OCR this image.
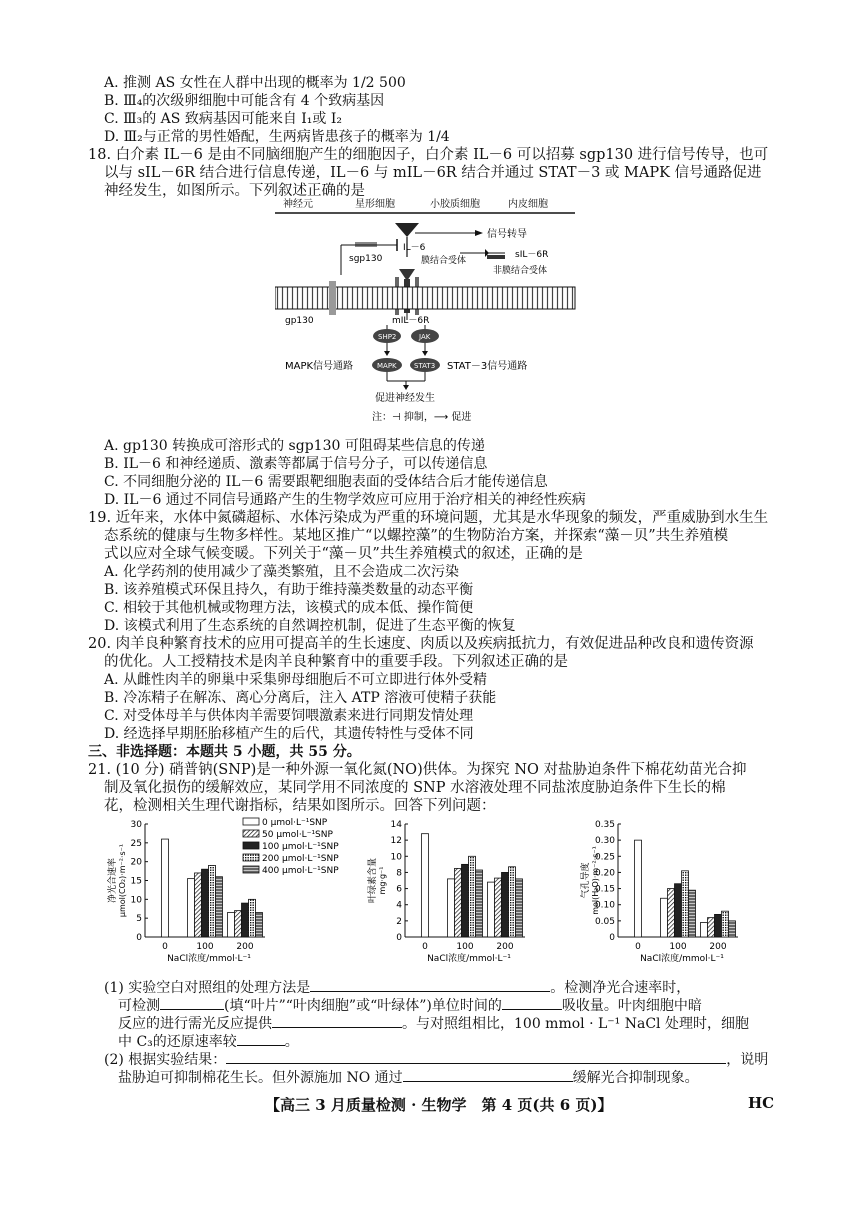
A. 推测 AS 女性在人群中出现的概率为 1/2 500
B. Ⅲ₄的次级卵细胞中可能含有 4 个致病基因
C. Ⅲ₃的 AS 致病基因可能来自 Ⅰ₁或 Ⅰ₂
D. Ⅲ₂与正常的男性婚配，生两病皆患孩子的概率为 1/4
18. 白介素 IL－6 是由不同脑细胞产生的细胞因子，白介素 IL－6 可以招募 sgp130 进行信号传导，也可
以与 sIL－6R 结合进行信息传递，IL－6 与 mIL－6R 结合并通过 STAT－3 或 MAPK 信号通路促进
神经发生，如图所示。下列叙述正确的是
神经元	星形细胞	小胶质细胞	内皮细胞
信号转导
IL－6
sgp130	sIL－6R
膜结合受体
非膜结合受体
gp130	mIL－6R
SHP2	JAK
MAPK STAT3
MAPK信号通路	STAT－3信号通路
促进神经发生
注：⊣ 抑制，⟶ 促进
A. gp130 转换成可溶形式的 sgp130 可阻碍某些信息的传递
B. IL－6 和神经递质、激素等都属于信号分子，可以传递信息
C. 不同细胞分泌的 IL－6 需要跟靶细胞表面的受体结合后才能传递信息
D. IL－6 通过不同信号通路产生的生物学效应可应用于治疗相关的神经性疾病
19. 近年来，水体中氮磷超标、水体污染成为严重的环境问题，尤其是水华现象的频发，严重威胁到水生生
态系统的健康与生物多样性。某地区推广“以螺控藻”的生物防治方案，并探索“藻－贝”共生养殖模
式以应对全球气候变暖。下列关于“藻－贝”共生养殖模式的叙述，正确的是
A. 化学药剂的使用减少了藻类繁殖，且不会造成二次污染
B. 该养殖模式环保且持久，有助于维持藻类数量的动态平衡
C. 相较于其他机械或物理方法，该模式的成本低、操作简便
D. 该模式利用了生态系统的自然调控机制，促进了生态平衡的恢复
20. 肉羊良种繁育技术的应用可提高羊的生长速度、肉质以及疾病抵抗力，有效促进品种改良和遗传资源
的优化。人工授精技术是肉羊良种繁育中的重要手段。下列叙述正确的是
A. 从雌性肉羊的卵巢中采集卵母细胞后不可立即进行体外受精
B. 冷冻精子在解冻、离心分离后，注入 ATP 溶液可使精子获能
C. 对受体母羊与供体肉羊需要饲喂激素来进行同期发情处理
D. 经选择早期胚胎移植产生的后代，其遗传特性与受体不同
三、非选择题：本题共 5 小题，共 55 分。
21. (10 分) 硝普钠(SNP)是一种外源一氧化氮(NO)供体。为探究 NO 对盐胁迫条件下棉花幼苗光合抑
制及氧化损伤的缓解效应，某同学用不同浓度的 SNP 水溶液处理不同盐浓度胁迫条件下生长的棉
花，检测相关生理代谢指标，结果如图所示。回答下列问题：
0
5
10
15
20
25
30
0	100	200
NaCl浓度/mmol·L⁻¹
净光合速率 μmol(CO₂)·m⁻²·s⁻¹
0 μmol·L⁻¹SNP
50 μmol·L⁻¹SNP
100 μmol·L⁻¹SNP
200 μmol·L⁻¹SNP
400 μmol·L⁻¹SNP
0
2
4
6
8
10
12
14
0	100	200
NaCl浓度/mmol·L⁻¹
叶绿素含量 mg·g⁻¹
0
0.05
0.10
0.15
0.20
0.25
0.30
0.35
0	100	200
NaCl浓度/mmol·L⁻¹
气孔导度 mol(H₂O)·m⁻²·s⁻¹
(1) 实验空白对照组的处理方法是	。检测净光合速率时，
可检测	(填“叶片”“叶肉细胞”或“叶绿体”)单位时间的	吸收量。叶肉细胞中暗
反应的进行需光反应提供	。与对照组相比，100 mmol · L⁻¹ NaCl 处理时，细胞
中 C₃的还原速率较	。
(2) 根据实验结果：	，说明
盐胁迫可抑制棉花生长。但外源施加 NO 通过	缓解光合抑制现象。
【高三 3 月质量检测 · 生物学　第 4 页(共 6 页)】	HC
